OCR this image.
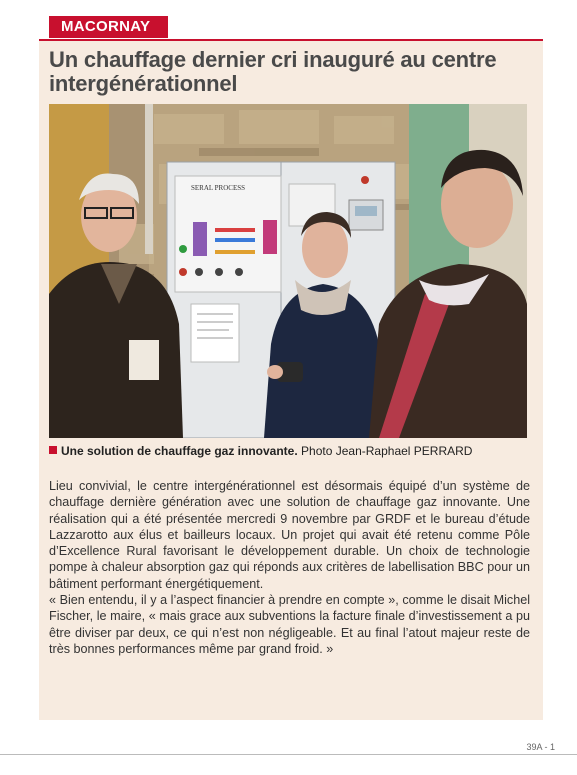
MACORNAY
Un chauffage dernier cri inauguré au centre intergénérationnel
SERAL PROCESS
Une solution de chauffage gaz innovante. Photo Jean-Raphael PERRARD

Lieu convivial, le centre intergénérationnel est désormais équipé d’un système de chauffage dernière génération avec une solution de chauffage gaz innovante. Une réalisation qui a été présentée mercredi 9 novembre par GRDF et le bureau d’étude Lazzarotto aux élus et bailleurs locaux. Un projet qui avait été retenu comme Pôle d’Excellence Rural favorisant le développement durable. Un choix de technologie pompe à chaleur absorption gaz qui réponds aux critères de labellisation BBC pour un bâtiment performant énergétiquement.

« Bien entendu, il y a l’aspect financier à prendre en compte », comme le disait Michel Fischer, le maire, « mais grace aux subventions la facture finale d’investissement a pu être diviser par deux, ce qui n’est non négligeable. Et au final l’atout majeur reste de très bonnes performances même par grand froid. »

39A - 1
